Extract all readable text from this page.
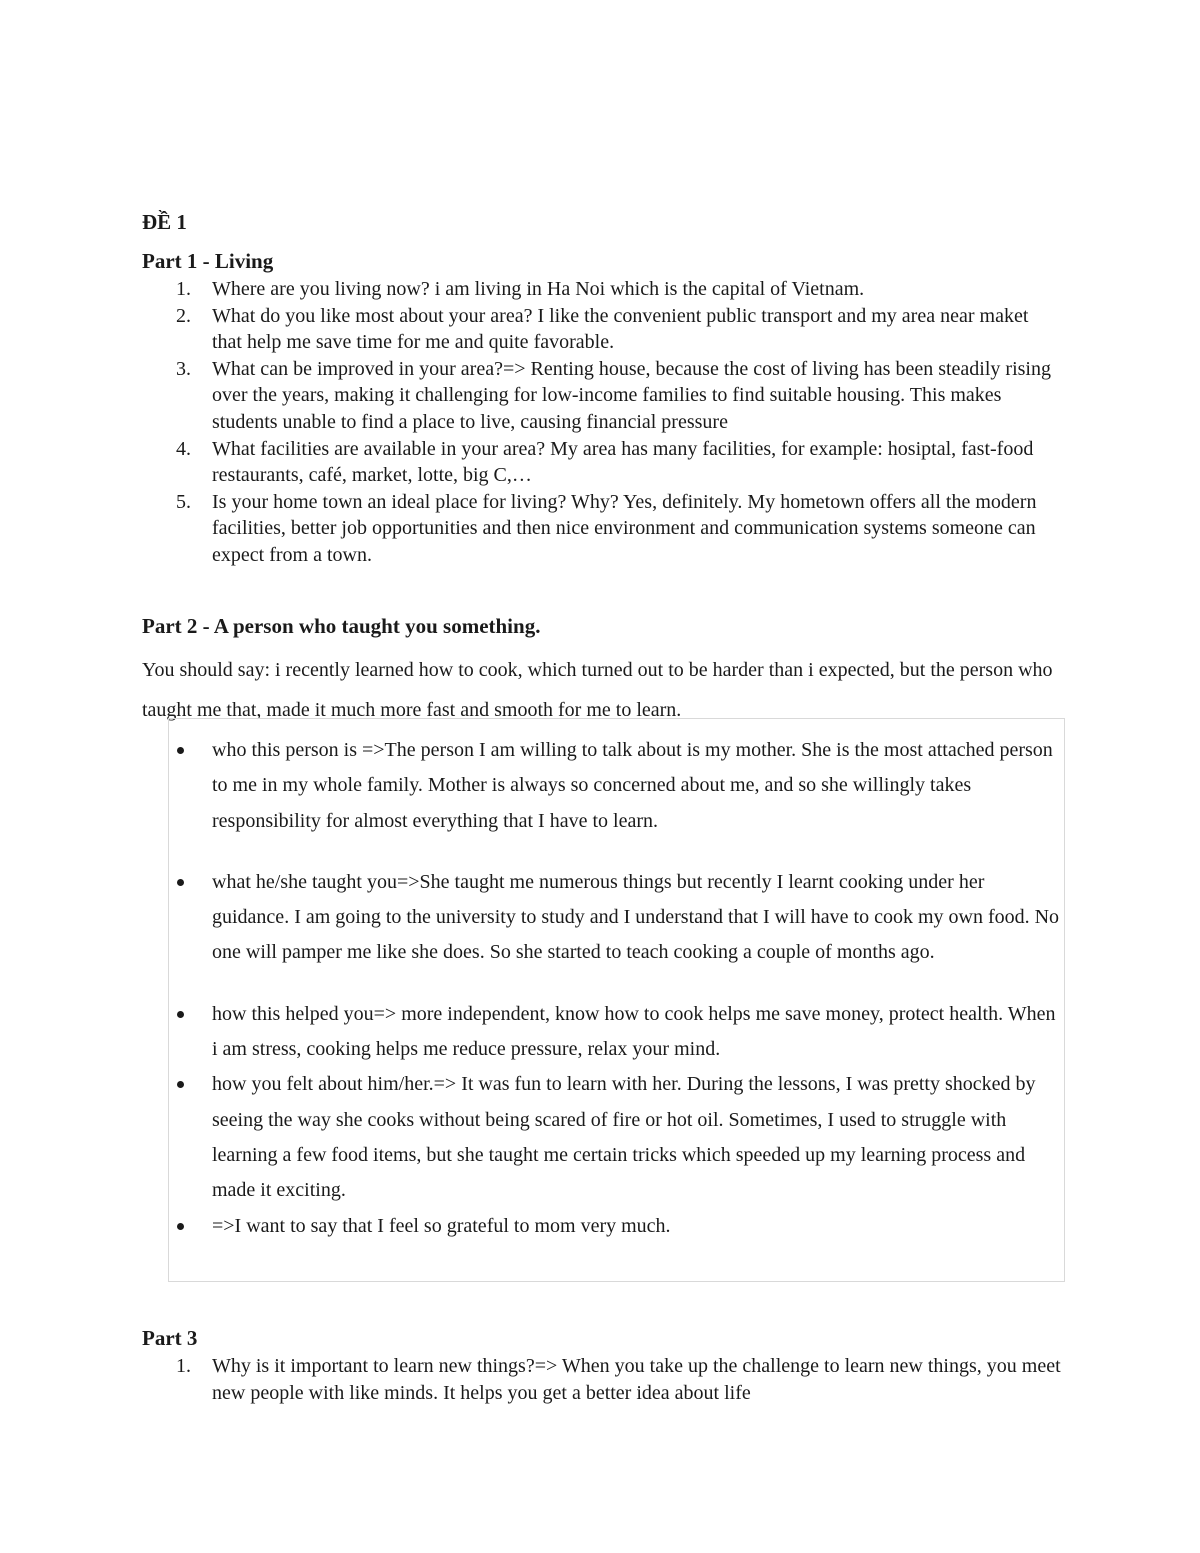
ĐỀ 1
Part 1 - Living
1. Where are you living now? i am living in Ha Noi which is the capital of Vietnam.
2. What do you like most about your area? I like the convenient public transport and my area near maket that help me save time for me and quite favorable.
3. What can be improved in your area?=> Renting house, because the cost of living has been steadily rising over the years, making it challenging for low-income families to find suitable housing. This makes students unable to find a place to live, causing financial pressure
4. What facilities are available in your area? My area has many facilities, for example: hosiptal, fast-food restaurants, café, market, lotte, big C,…
5. Is your home town an ideal place for living? Why? Yes, definitely. My hometown offers all the modern facilities, better job opportunities and then nice environment and communication systems someone can expect from a town.
Part 2 - A person who taught you something.
You should say: i recently learned how to cook, which turned out to be harder than i expected, but the person who taught me that, made it much more fast and smooth for me to learn.
who this person is =>The person I am willing to talk about is my mother. She is the most attached person to me in my whole family. Mother is always so concerned about me, and so she willingly takes responsibility for almost everything that I have to learn.
what he/she taught you=>She taught me numerous things but recently I learnt cooking under her guidance. I am going to the university to study and I understand that I will have to cook my own food. No one will pamper me like she does. So she started to teach cooking a couple of months ago.
how this helped you=> more independent, know how to cook helps me save money, protect health. When i am stress, cooking helps me reduce pressure, relax your mind.
how you felt about him/her.=> It was fun to learn with her. During the lessons, I was pretty shocked by seeing the way she cooks without being scared of fire or hot oil. Sometimes, I used to struggle with learning a few food items, but she taught me certain tricks which speeded up my learning process and made it exciting.
=>I want to say that I feel so grateful to mom very much.
Part 3
1. Why is it important to learn new things?=> When you take up the challenge to learn new things, you meet new people with like minds. It helps you get a better idea about life
